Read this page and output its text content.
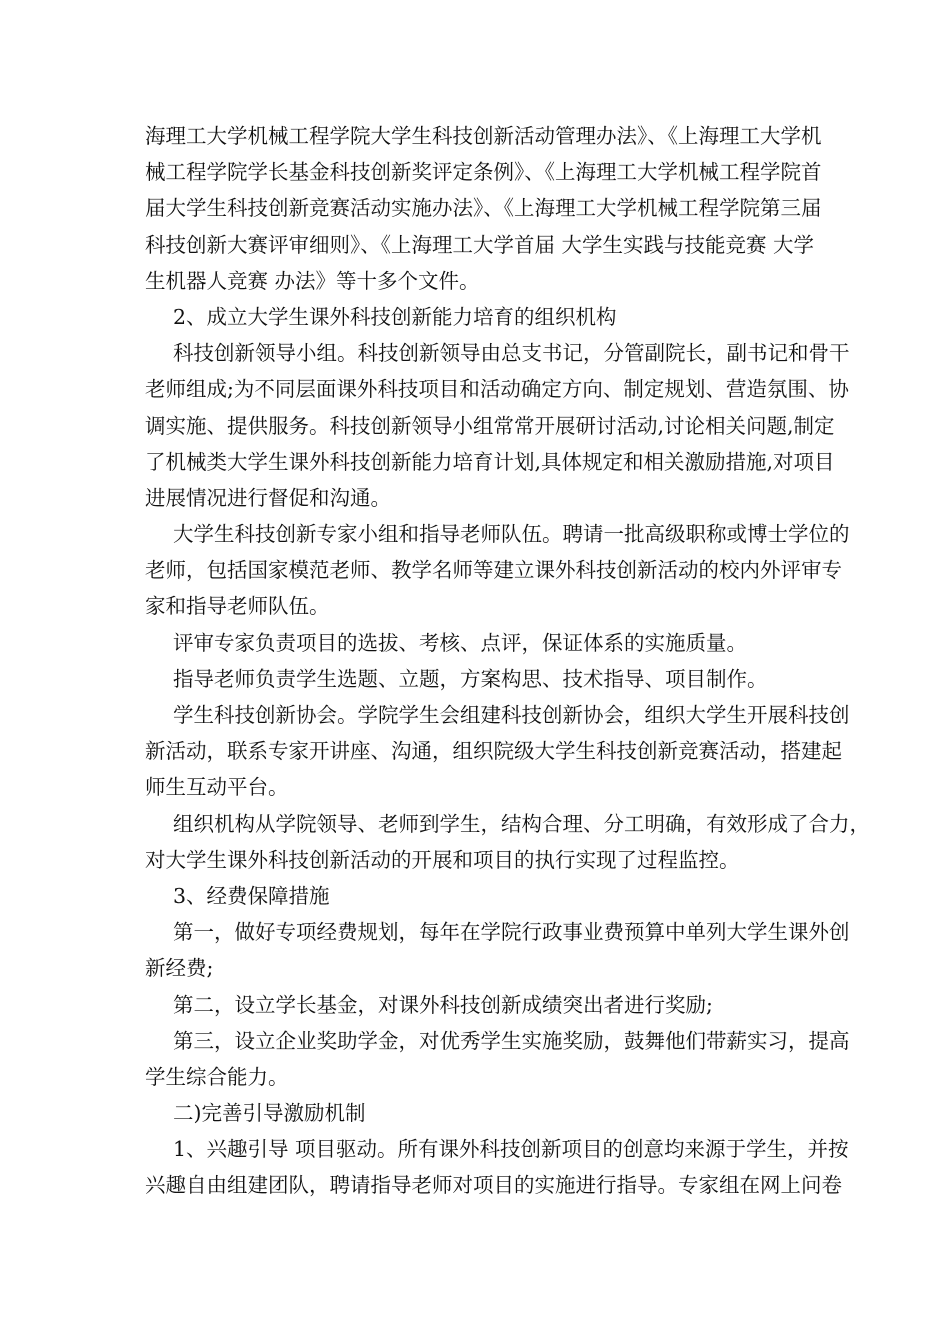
海理工大学机械工程学院大学生科技创新活动管理办法》、《上海理工大学机
械工程学院学长基金科技创新奖评定条例》、《上海理工大学机械工程学院首
届大学生科技创新竞赛活动实施办法》、《上海理工大学机械工程学院第三届
科技创新大赛评审细则》、《上海理工大学首届 大学生实践与技能竞赛 大学
生机器人竞赛 办法》等十多个文件。
2、成立大学生课外科技创新能力培育的组织机构
科技创新领导小组。科技创新领导由总支书记，分管副院长，副书记和骨干
老师组成;为不同层面课外科技项目和活动确定方向、制定规划、营造氛围、协
调实施、提供服务。科技创新领导小组常常开展研讨活动,讨论相关问题,制定
了机械类大学生课外科技创新能力培育计划,具体规定和相关激励措施,对项目
进展情况进行督促和沟通。
大学生科技创新专家小组和指导老师队伍。聘请一批高级职称或博士学位的
老师，包括国家模范老师、教学名师等建立课外科技创新活动的校内外评审专
家和指导老师队伍。
评审专家负责项目的选拔、考核、点评，保证体系的实施质量。
指导老师负责学生选题、立题，方案构思、技术指导、项目制作。
学生科技创新协会。学院学生会组建科技创新协会，组织大学生开展科技创
新活动，联系专家开讲座、沟通，组织院级大学生科技创新竞赛活动，搭建起
师生互动平台。
组织机构从学院领导、老师到学生，结构合理、分工明确，有效形成了合力，
对大学生课外科技创新活动的开展和项目的执行实现了过程监控。
3、经费保障措施
第一，做好专项经费规划，每年在学院行政事业费预算中单列大学生课外创
新经费;
第二，设立学长基金，对课外科技创新成绩突出者进行奖励;
第三，设立企业奖助学金，对优秀学生实施奖励，鼓舞他们带薪实习，提高
学生综合能力。
二)完善引导激励机制
1、兴趣引导 项目驱动。所有课外科技创新项目的创意均来源于学生，并按
兴趣自由组建团队，聘请指导老师对项目的实施进行指导。专家组在网上问卷
